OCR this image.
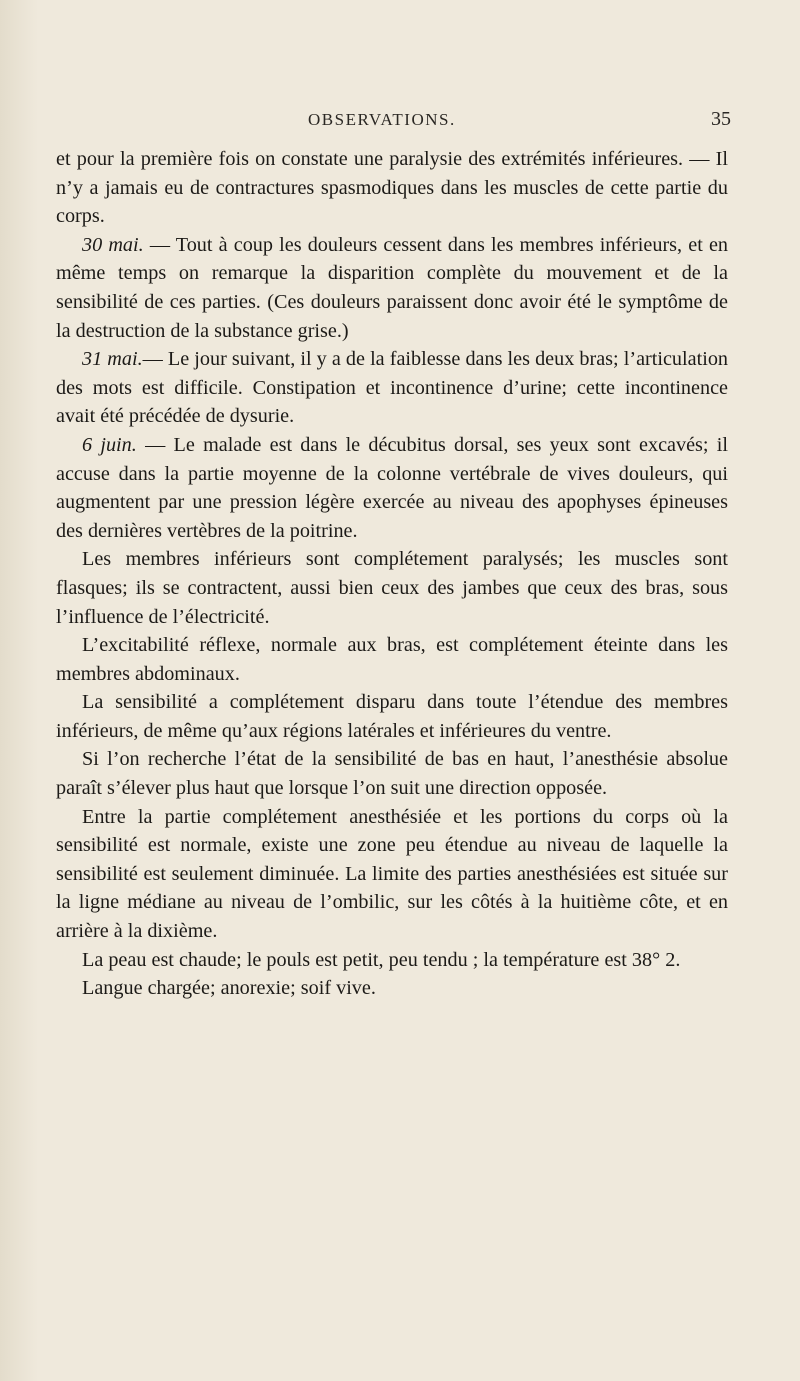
OBSERVATIONS.	35

et pour la première fois on constate une paralysie des extrémités inférieures. — Il n’y a jamais eu de contractures spasmodiques dans les muscles de cette partie du corps.

30 mai. — Tout à coup les douleurs cessent dans les membres inférieurs, et en même temps on remarque la disparition complète du mouvement et de la sensibilité de ces parties. (Ces douleurs paraissent donc avoir été le symptôme de la destruction de la substance grise.)

31 mai.— Le jour suivant, il y a de la faiblesse dans les deux bras; l’articulation des mots est difficile. Constipation et incontinence d’urine; cette incontinence avait été précédée de dysurie.

6 juin. — Le malade est dans le décubitus dorsal, ses yeux sont excavés; il accuse dans la partie moyenne de la colonne vertébrale de vives douleurs, qui augmentent par une pression légère exercée au niveau des apophyses épineuses des dernières vertèbres de la poitrine.

Les membres inférieurs sont complétement paralysés; les muscles sont flasques; ils se contractent, aussi bien ceux des jambes que ceux des bras, sous l’influence de l’électricité.

L’excitabilité réflexe, normale aux bras, est complétement éteinte dans les membres abdominaux.

La sensibilité a complétement disparu dans toute l’étendue des membres inférieurs, de même qu’aux régions latérales et inférieures du ventre.

Si l’on recherche l’état de la sensibilité de bas en haut, l’anesthésie absolue paraît s’élever plus haut que lorsque l’on suit une direction opposée.

Entre la partie complétement anesthésiée et les portions du corps où la sensibilité est normale, existe une zone peu étendue au niveau de laquelle la sensibilité est seulement diminuée. La limite des parties anesthésiées est située sur la ligne médiane au niveau de l’ombilic, sur les côtés à la huitième côte, et en arrière à la dixième.

La peau est chaude; le pouls est petit, peu tendu ; la température est 38° 2.

Langue chargée; anorexie; soif vive.
